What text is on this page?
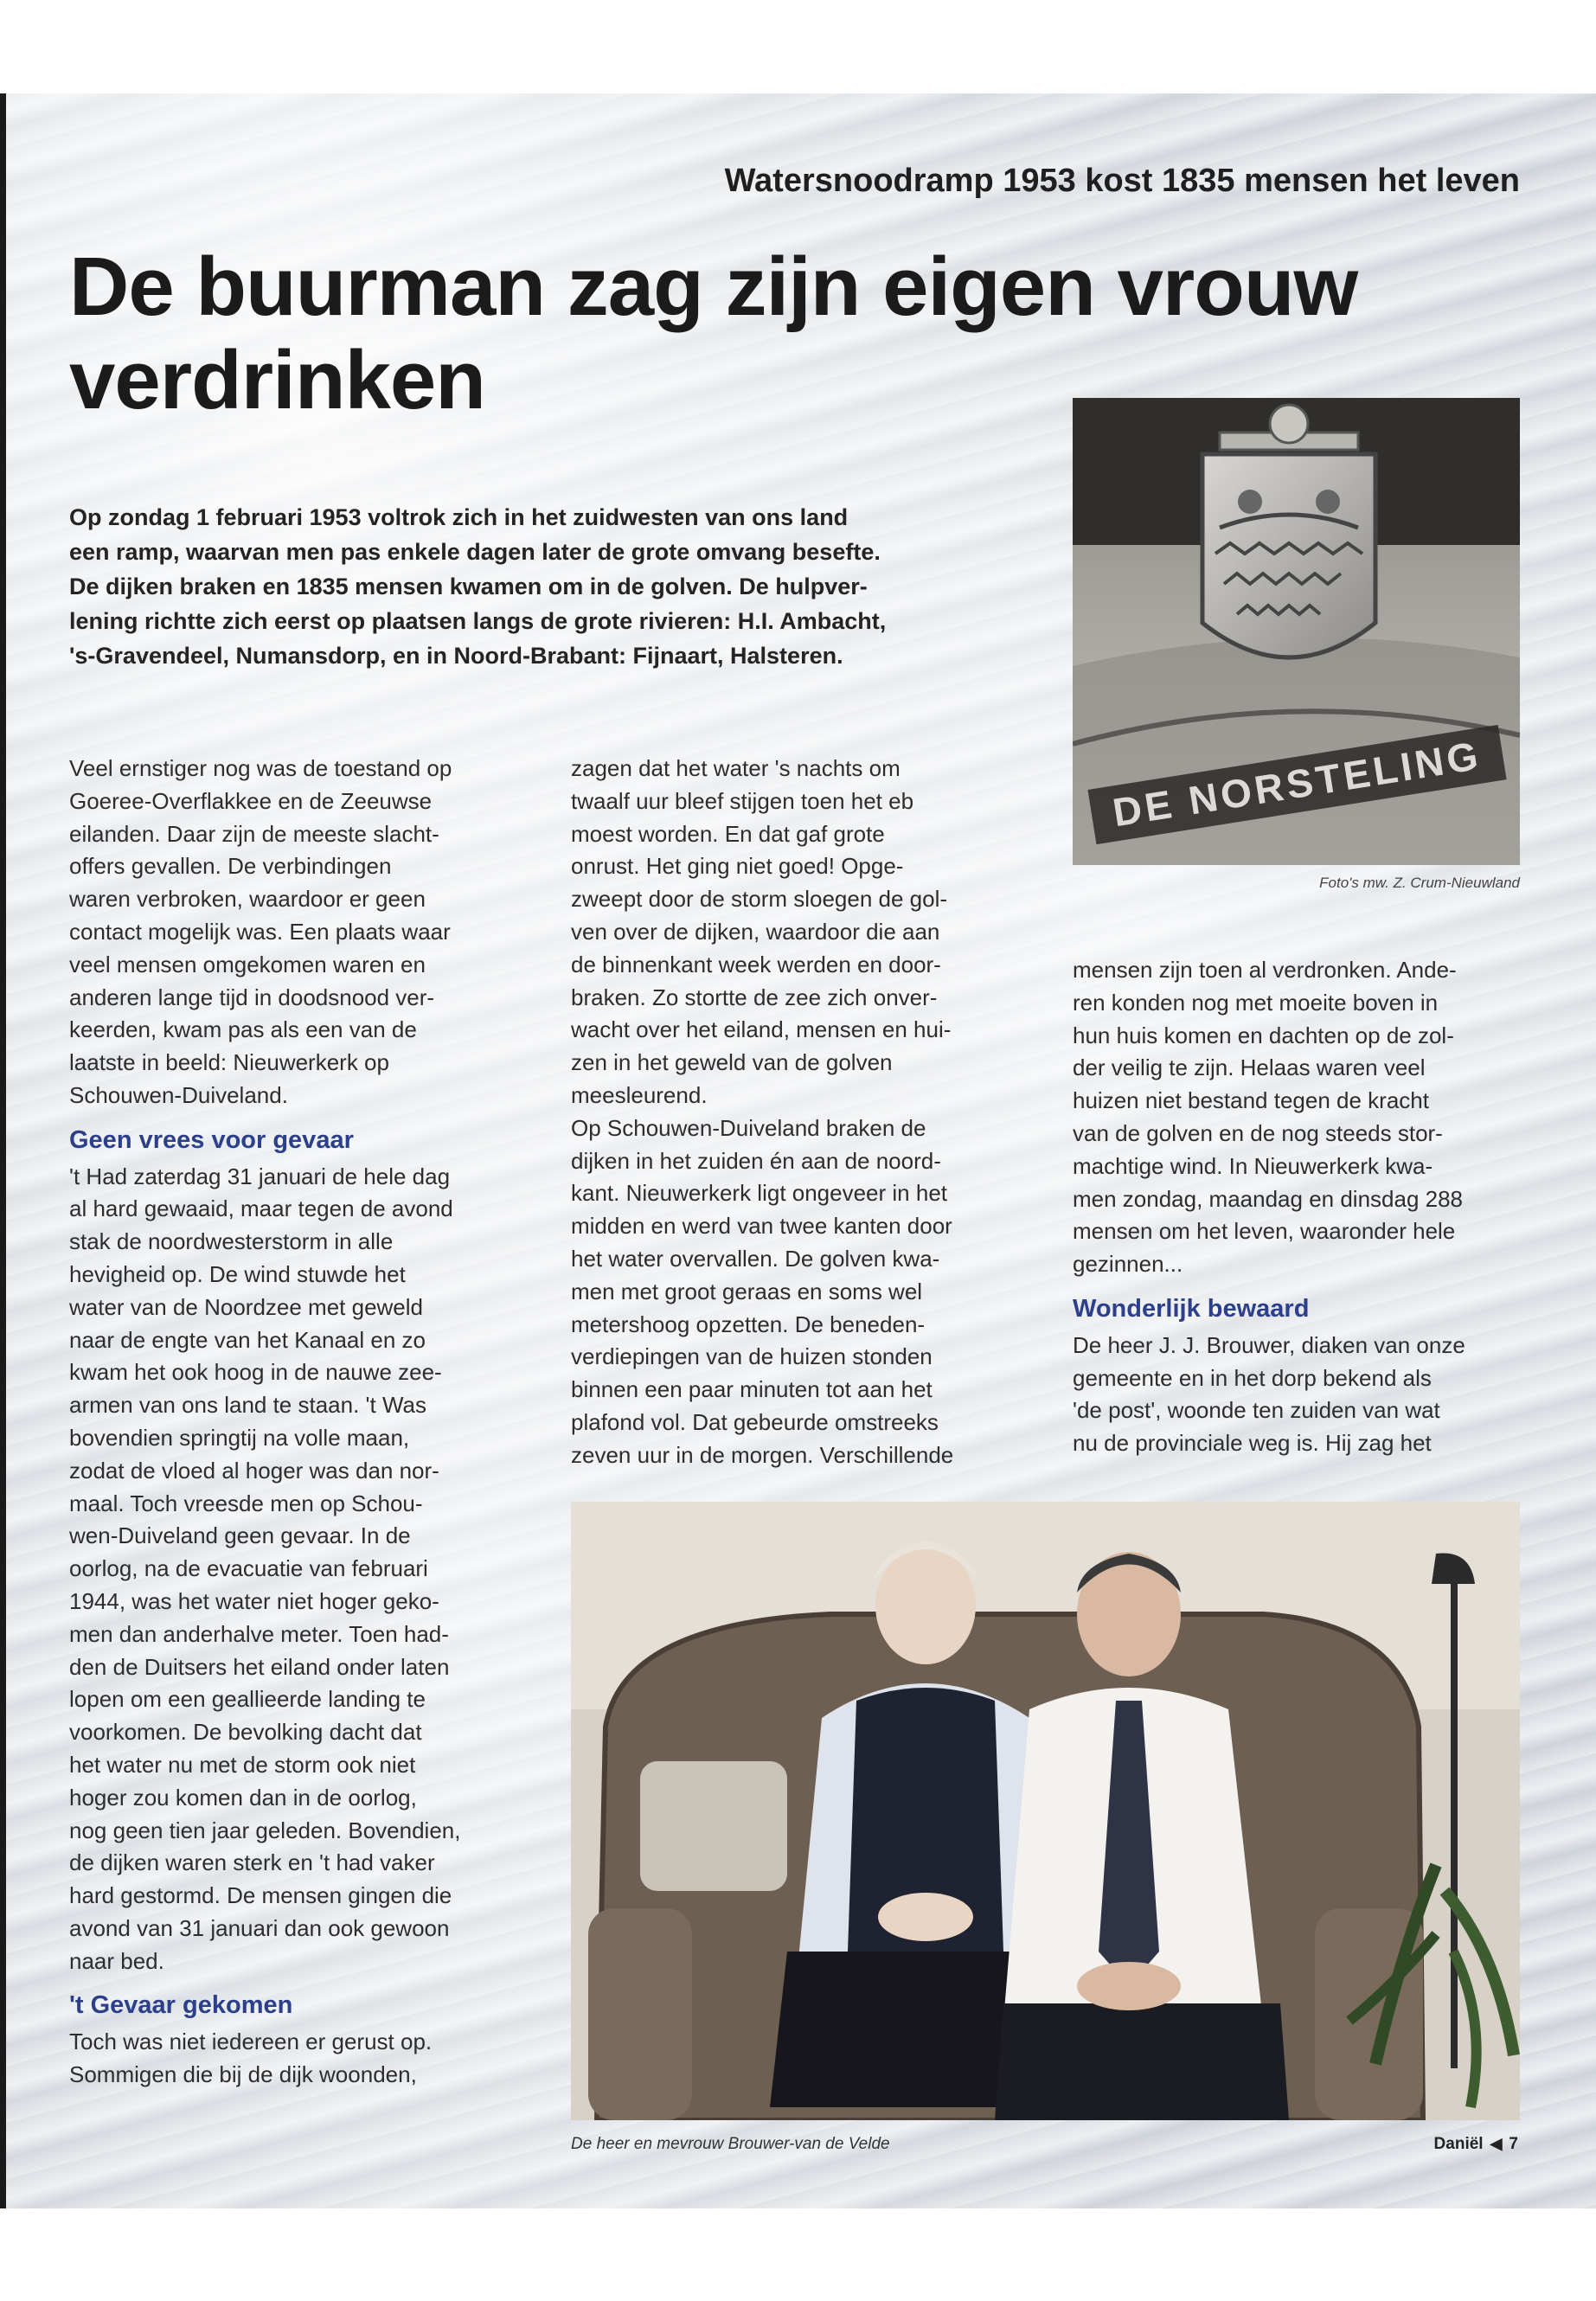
Watersnoodramp 1953 kost 1835 mensen het leven
De buurman zag zijn eigen vrouw verdrinken

Op zondag 1 februari 1953 voltrok zich in het zuidwesten van ons land
een ramp, waarvan men pas enkele dagen later de grote omvang besefte.
De dijken braken en 1835 mensen kwamen om in de golven. De hulpver-
lening richtte zich eerst op plaatsen langs de grote rivieren: H.I. Ambacht,
's-Gravendeel, Numansdorp, en in Noord-Brabant: Fijnaart, Halsteren.

DE NORSTELING
Foto's mw. Z. Crum-Nieuwland
Veel ernstiger nog was de toestand op
Goeree-Overflakkee en de Zeeuwse
eilanden. Daar zijn de meeste slacht-
offers gevallen. De verbindingen
waren verbroken, waardoor er geen
contact mogelijk was. Een plaats waar
veel mensen omgekomen waren en
anderen lange tijd in doodsnood ver-
keerden, kwam pas als een van de
laatste in beeld: Nieuwerkerk op
Schouwen-Duiveland.
Geen vrees voor gevaar
't Had zaterdag 31 januari de hele dag
al hard gewaaid, maar tegen de avond
stak de noordwesterstorm in alle
hevigheid op. De wind stuwde het
water van de Noordzee met geweld
naar de engte van het Kanaal en zo
kwam het ook hoog in de nauwe zee-
armen van ons land te staan. 't Was
bovendien springtij na volle maan,
zodat de vloed al hoger was dan nor-
maal. Toch vreesde men op Schou-
wen-Duiveland geen gevaar. In de
oorlog, na de evacuatie van februari
1944, was het water niet hoger geko-
men dan anderhalve meter. Toen had-
den de Duitsers het eiland onder laten
lopen om een geallieerde landing te
voorkomen. De bevolking dacht dat
het water nu met de storm ook niet
hoger zou komen dan in de oorlog,
nog geen tien jaar geleden. Bovendien,
de dijken waren sterk en 't had vaker
hard gestormd. De mensen gingen die
avond van 31 januari dan ook gewoon
naar bed.
't Gevaar gekomen
Toch was niet iedereen er gerust op.
Sommigen die bij de dijk woonden,
zagen dat het water 's nachts om
twaalf uur bleef stijgen toen het eb
moest worden. En dat gaf grote
onrust. Het ging niet goed! Opge-
zweept door de storm sloegen de gol-
ven over de dijken, waardoor die aan
de binnenkant week werden en door-
braken. Zo stortte de zee zich onver-
wacht over het eiland, mensen en hui-
zen in het geweld van de golven
meesleurend.
Op Schouwen-Duiveland braken de
dijken in het zuiden én aan de noord-
kant. Nieuwerkerk ligt ongeveer in het
midden en werd van twee kanten door
het water overvallen. De golven kwa-
men met groot geraas en soms wel
metershoog opzetten. De beneden-
verdiepingen van de huizen stonden
binnen een paar minuten tot aan het
plafond vol. Dat gebeurde omstreeks
zeven uur in de morgen. Verschillende
mensen zijn toen al verdronken. Ande-
ren konden nog met moeite boven in
hun huis komen en dachten op de zol-
der veilig te zijn. Helaas waren veel
huizen niet bestand tegen de kracht
van de golven en de nog steeds stor-
machtige wind. In Nieuwerkerk kwa-
men zondag, maandag en dinsdag 288
mensen om het leven, waaronder hele
gezinnen...
Wonderlijk bewaard
De heer J. J. Brouwer, diaken van onze
gemeente en in het dorp bekend als
'de post', woonde ten zuiden van wat
nu de provinciale weg is. Hij zag het
De heer en mevrouw Brouwer-van de Velde	Daniël ◀ 7
